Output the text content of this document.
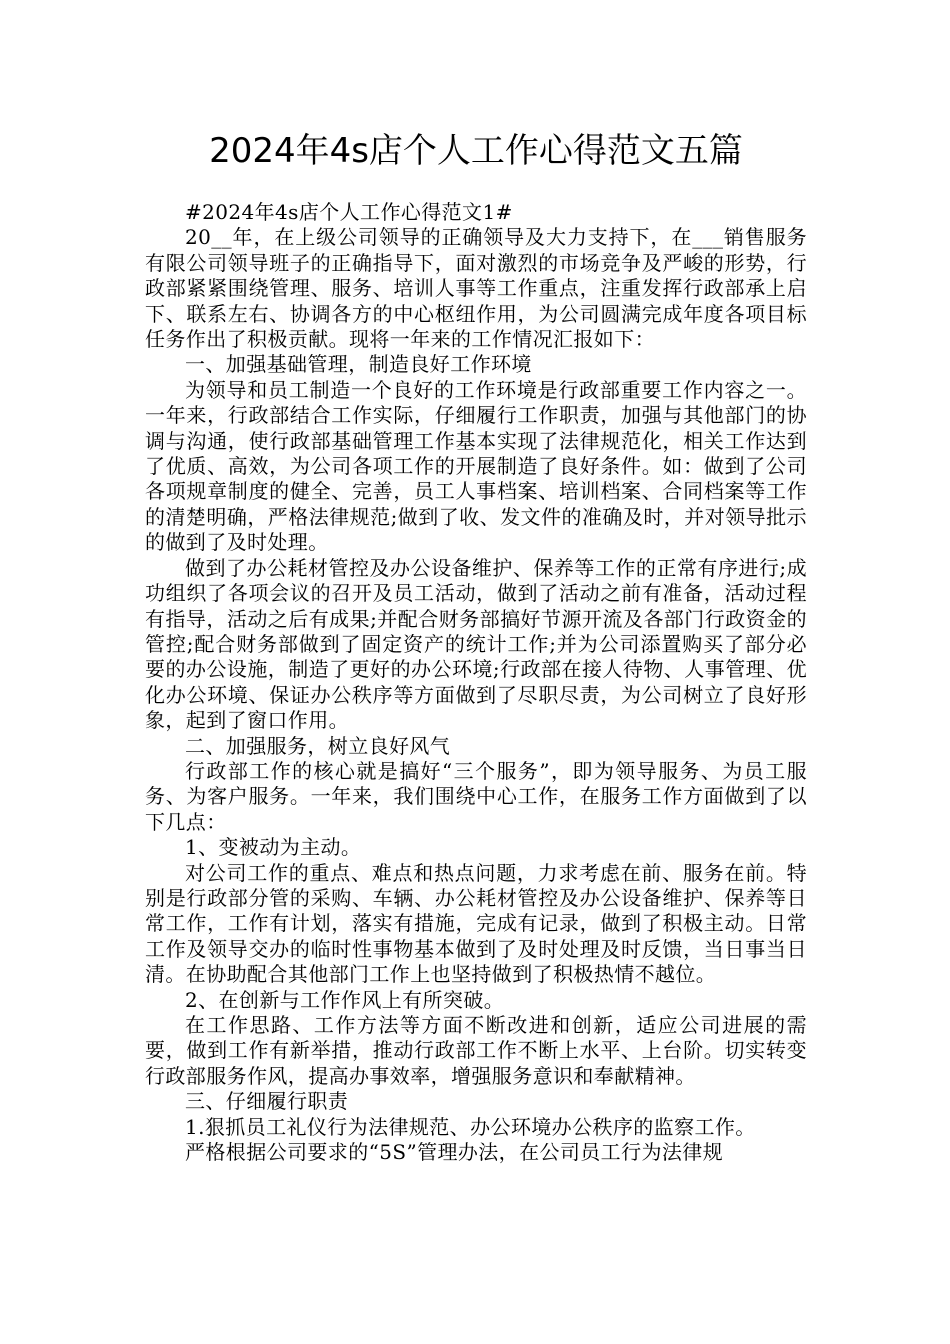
2024年4s店个人工作心得范文五篇

#2024年4s店个人工作心得范文1#

20__年，在上级公司领导的正确领导及大力支持下，在___销售服务有限公司领导班子的正确指导下，面对激烈的市场竞争及严峻的形势，行政部紧紧围绕管理、服务、培训人事等工作重点，注重发挥行政部承上启下、联系左右、协调各方的中心枢纽作用，为公司圆满完成年度各项目标任务作出了积极贡献。现将一年来的工作情况汇报如下：

一、加强基础管理，制造良好工作环境

为领导和员工制造一个良好的工作环境是行政部重要工作内容之一。一年来，行政部结合工作实际，仔细履行工作职责，加强与其他部门的协调与沟通，使行政部基础管理工作基本实现了法律规范化，相关工作达到了优质、高效，为公司各项工作的开展制造了良好条件。如：做到了公司各项规章制度的健全、完善，员工人事档案、培训档案、合同档案等工作的清楚明确，严格法律规范;做到了收、发文件的准确及时，并对领导批示的做到了及时处理。

做到了办公耗材管控及办公设备维护、保养等工作的正常有序进行;成功组织了各项会议的召开及员工活动，做到了活动之前有准备，活动过程有指导，活动之后有成果;并配合财务部搞好节源开流及各部门行政资金的管控;配合财务部做到了固定资产的统计工作;并为公司添置购买了部分必要的办公设施，制造了更好的办公环境;行政部在接人待物、人事管理、优化办公环境、保证办公秩序等方面做到了尽职尽责，为公司树立了良好形象，起到了窗口作用。

二、加强服务，树立良好风气

行政部工作的核心就是搞好“三个服务”，即为领导服务、为员工服务、为客户服务。一年来，我们围绕中心工作，在服务工作方面做到了以下几点：

1、变被动为主动。

对公司工作的重点、难点和热点问题，力求考虑在前、服务在前。特别是行政部分管的采购、车辆、办公耗材管控及办公设备维护、保养等日常工作，工作有计划，落实有措施，完成有记录，做到了积极主动。日常工作及领导交办的临时性事物基本做到了及时处理及时反馈，当日事当日清。在协助配合其他部门工作上也坚持做到了积极热情不越位。

2、在创新与工作作风上有所突破。

在工作思路、工作方法等方面不断改进和创新，适应公司进展的需要，做到工作有新举措，推动行政部工作不断上水平、上台阶。切实转变行政部服务作风，提高办事效率，增强服务意识和奉献精神。

三、仔细履行职责

1.狠抓员工礼仪行为法律规范、办公环境办公秩序的监察工作。

严格根据公司要求的“5S”管理办法，在公司员工行为法律规
